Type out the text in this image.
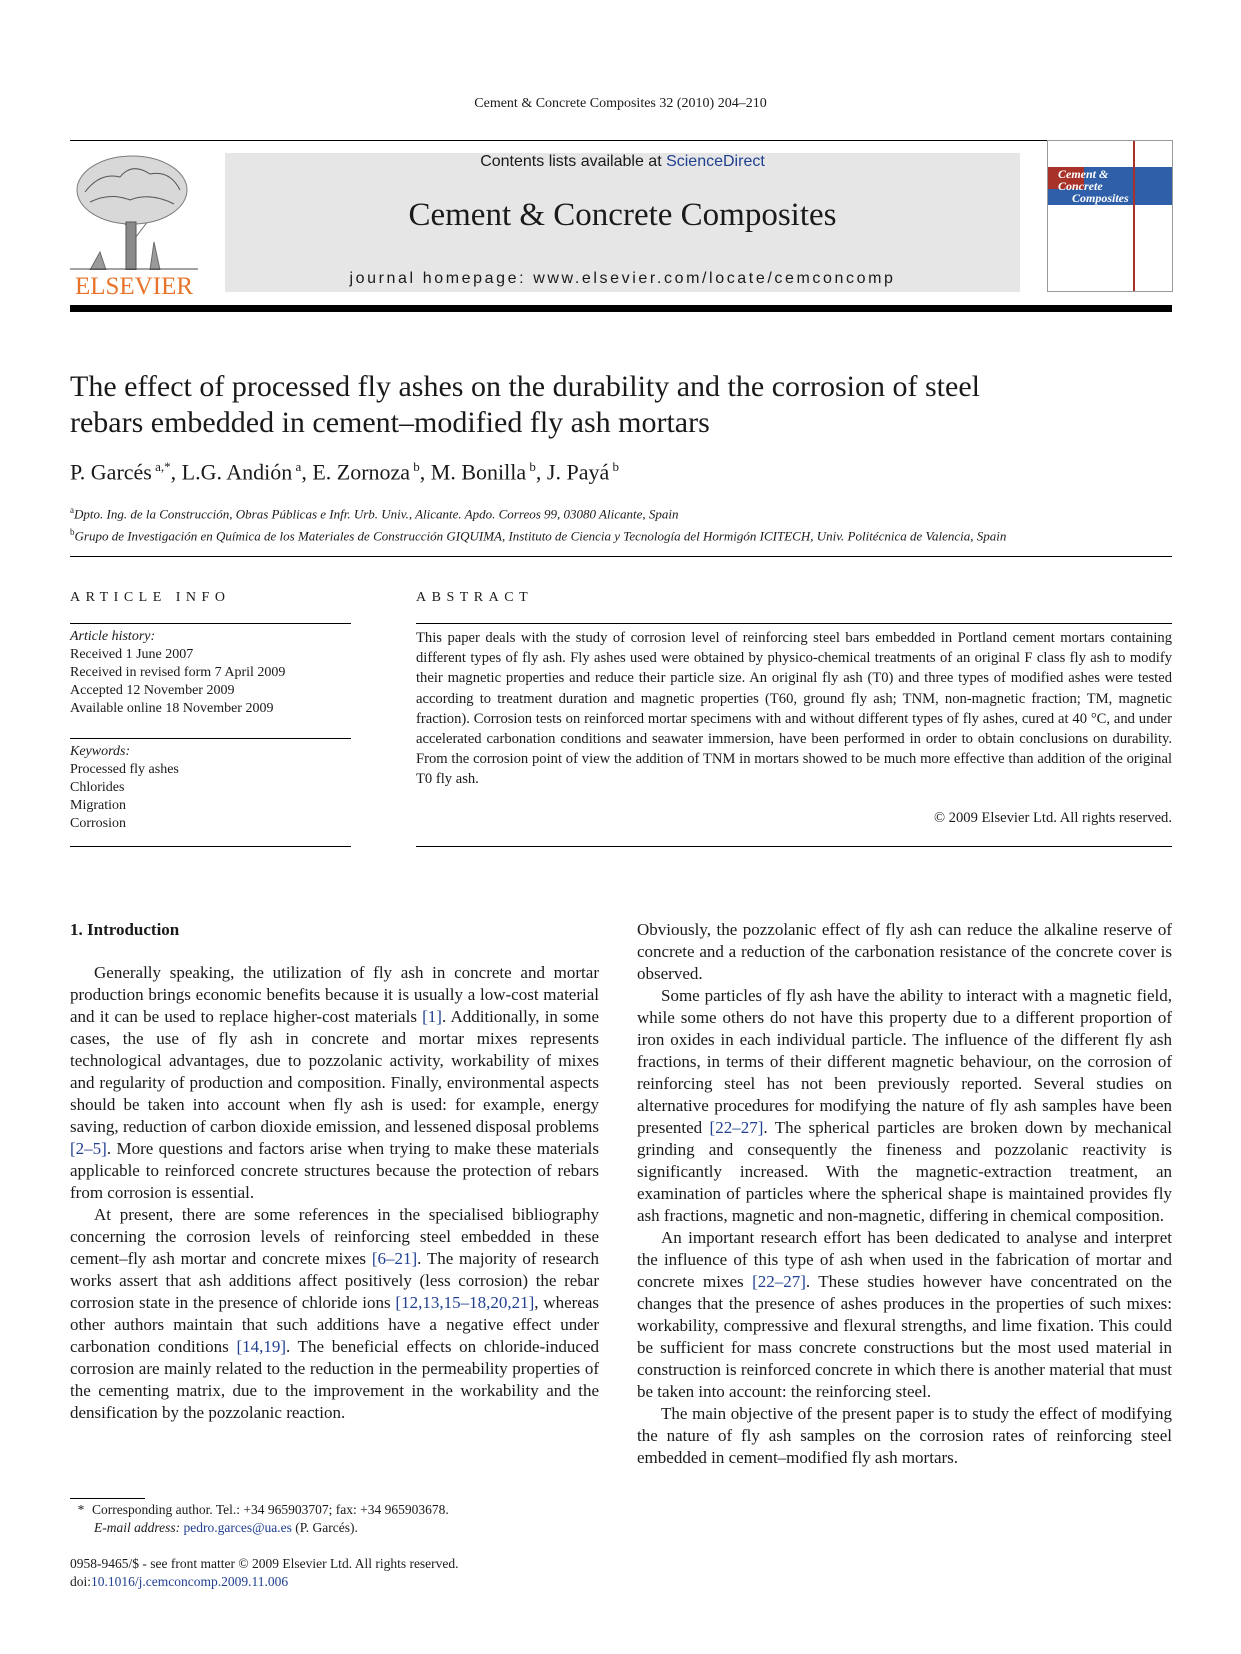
Cement & Concrete Composites 32 (2010) 204–210
ELSEVIER
Contents lists available at ScienceDirect
Cement & Concrete Composites
journal homepage: www.elsevier.com/locate/cemconcomp
Cement &
Concrete
Composites
The effect of processed fly ashes on the durability and the corrosion of steel
rebars embedded in cement–modified fly ash mortars
P. Garcés $^{a,*}$, L.G. Andión $^a$, E. Zornoza $^b$, M. Bonilla $^b$, J. Payá $^b$
$^a$Dpto. Ing. de la Construcción, Obras Públicas e Infr. Urb. Univ., Alicante. Apdo. Correos 99, 03080 Alicante, Spain
$^b$Grupo de Investigación en Química de los Materiales de Construcción GIQUIMA, Instituto de Ciencia y Tecnología del Hormigón ICITECH, Univ. Politécnica de Valencia, Spain
ARTICLE INFO
Article history:
Received 1 June 2007
Received in revised form 7 April 2009
Accepted 12 November 2009
Available online 18 November 2009
Keywords:
Processed fly ashes
Chlorides
Migration
Corrosion
ABSTRACT
This paper deals with the study of corrosion level of reinforcing steel bars embedded in Portland cement mortars containing different types of fly ash. Fly ashes used were obtained by physico-chemical treatments of an original F class fly ash to modify their magnetic properties and reduce their particle size. An original fly ash (T0) and three types of modified ashes were tested according to treatment duration and magnetic properties (T60, ground fly ash; TNM, non-magnetic fraction; TM, magnetic fraction). Corrosion tests on reinforced mortar specimens with and without different types of fly ashes, cured at 40 °C, and under accelerated carbonation conditions and seawater immersion, have been performed in order to obtain conclusions on durability. From the corrosion point of view the addition of TNM in mortars showed to be much more effective than addition of the original T0 fly ash.
© 2009 Elsevier Ltd. All rights reserved.
1. Introduction

Generally speaking, the utilization of fly ash in concrete and mortar production brings economic benefits because it is usually a low-cost material and it can be used to replace higher-cost materials [1]. Additionally, in some cases, the use of fly ash in concrete and mortar mixes represents technological advantages, due to pozzolanic activity, workability of mixes and regularity of production and composition. Finally, environmental aspects should be taken into account when fly ash is used: for example, energy saving, reduction of carbon dioxide emission, and lessened disposal problems [2–5]. More questions and factors arise when trying to make these materials applicable to reinforced concrete structures because the protection of rebars from corrosion is essential.

At present, there are some references in the specialised bibliography concerning the corrosion levels of reinforcing steel embedded in these cement–fly ash mortar and concrete mixes [6–21]. The majority of research works assert that ash additions affect positively (less corrosion) the rebar corrosion state in the presence of chloride ions [12,13,15–18,20,21], whereas other authors maintain that such additions have a negative effect under carbonation conditions [14,19]. The beneficial effects on chloride-induced corrosion are mainly related to the reduction in the permeability properties of the cementing matrix, due to the improvement in the workability and the densification by the pozzolanic reaction.

Obviously, the pozzolanic effect of fly ash can reduce the alkaline reserve of concrete and a reduction of the carbonation resistance of the concrete cover is observed.

Some particles of fly ash have the ability to interact with a magnetic field, while some others do not have this property due to a different proportion of iron oxides in each individual particle. The influence of the different fly ash fractions, in terms of their different magnetic behaviour, on the corrosion of reinforcing steel has not been previously reported. Several studies on alternative procedures for modifying the nature of fly ash samples have been presented [22–27]. The spherical particles are broken down by mechanical grinding and consequently the fineness and pozzolanic reactivity is significantly increased. With the magnetic-extraction treatment, an examination of particles where the spherical shape is maintained provides fly ash fractions, magnetic and non-magnetic, differing in chemical composition.

An important research effort has been dedicated to analyse and interpret the influence of this type of ash when used in the fabrication of mortar and concrete mixes [22–27]. These studies however have concentrated on the changes that the presence of ashes produces in the properties of such mixes: workability, compressive and flexural strengths, and lime fixation. This could be sufficient for mass concrete constructions but the most used material in construction is reinforced concrete in which there is another material that must be taken into account: the reinforcing steel.

The main objective of the present paper is to study the effect of modifying the nature of fly ash samples on the corrosion rates of reinforcing steel embedded in cement–modified fly ash mortars.

* Corresponding author. Tel.: +34 965903707; fax: +34 965903678.
E-mail address: pedro.garces@ua.es (P. Garcés).
0958-9465/$ - see front matter © 2009 Elsevier Ltd. All rights reserved.
doi:10.1016/j.cemconcomp.2009.11.006
